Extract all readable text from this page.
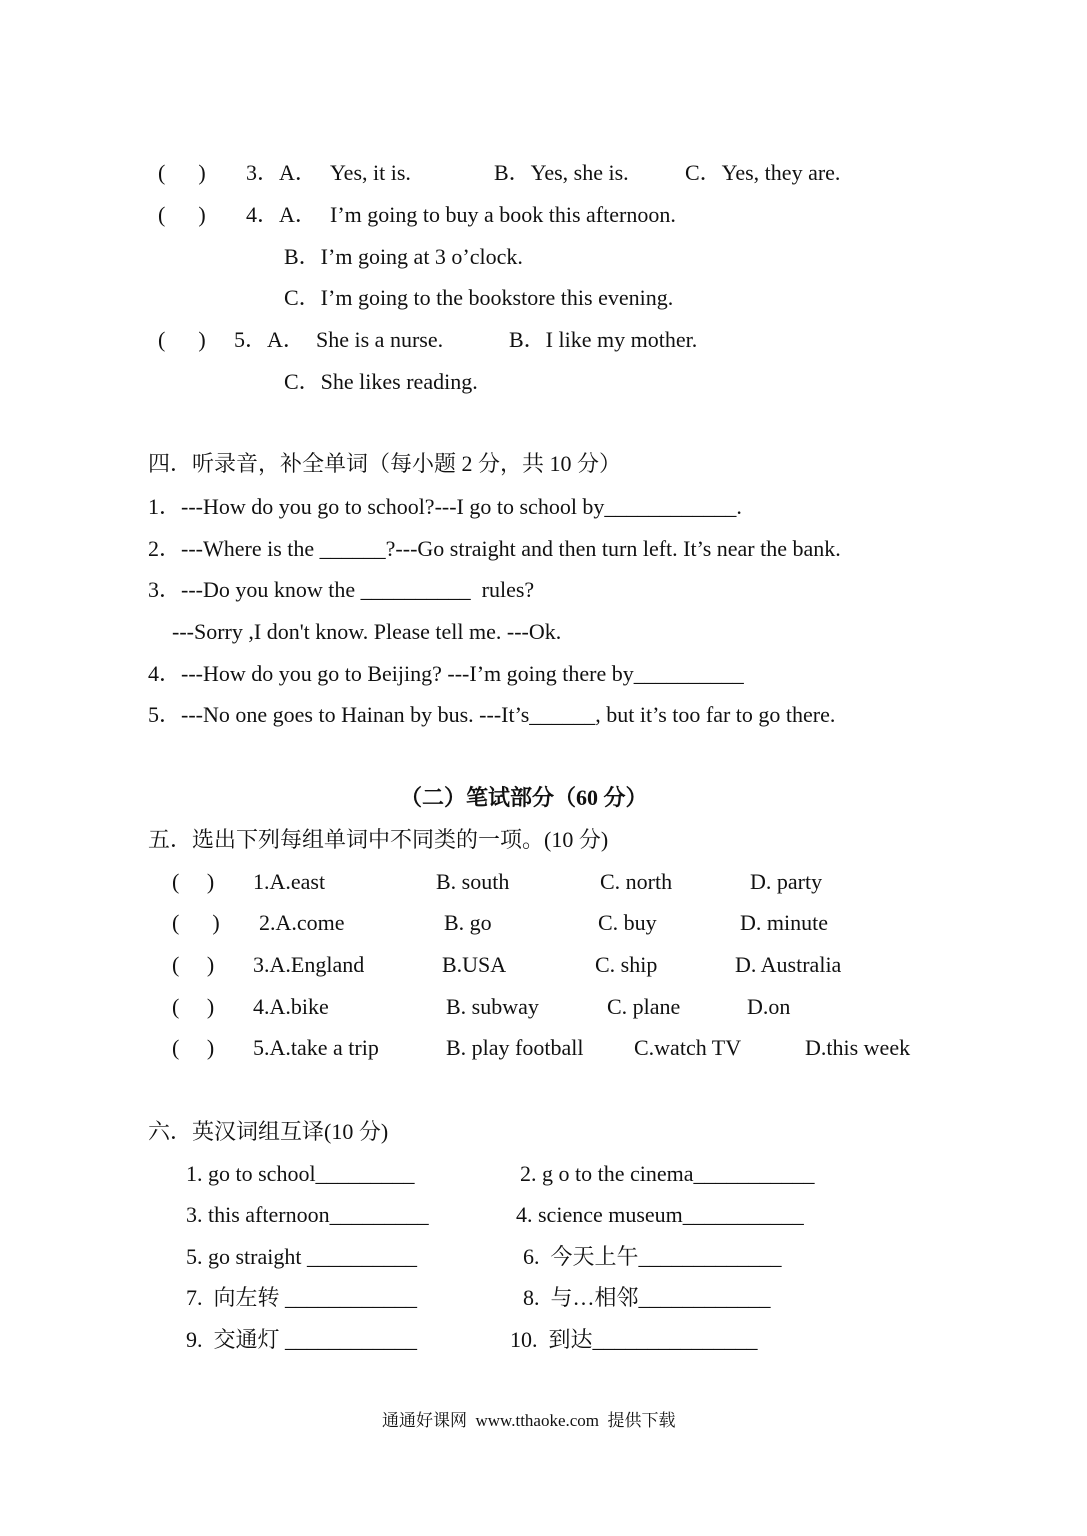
(      ) 3．A． Yes, it is.	B．Yes, she is.	C．Yes, they are.
(      ) 4．A． I’m going to buy a book this afternoon.
B．I’m going at 3 o’clock.
C．I’m going to the bookstore this evening.
(      ) 5．A． She is a nurse.	B．I like my mother.
C．She likes reading.
四．听录音，补全单词（每小题 2 分，共 10 分）
1．---How do you go to school?---I go to school by____________.
2．---Where is the ______?---Go straight and then turn left. It’s near the bank.
3．---Do you know the __________  rules?
---Sorry ,I don't know. Please tell me. ---Ok.
4．---How do you go to Beijing? ---I’m going there by__________
5．---No one goes to Hainan by bus. ---It’s______, but it’s too far to go there.
（二）笔试部分（60 分）
五．选出下列每组单词中不同类的一项。(10 分)
(     ) 1.A.east	B. south	C. north	D. party
(      ) 2.A.come	B. go	C. buy	D. minute
(     ) 3.A.England	B.USA	C. ship	D. Australia
(     ) 4.A.bike	B. subway	C. plane	D.on
(     ) 5.A.take a trip	B. play football C.watch TV	D.this week
六．英汉词组互译(10 分)
1. go to school_________	2. g o to the cinema___________
3. this afternoon_________	4. science museum___________
5. go straight __________	6.  今天上午_____________
7.  向左转 ____________	8.  与…相邻____________
9.  交通灯 ____________	10.  到达_______________
通通好课网  www.tthaoke.com  提供下载
